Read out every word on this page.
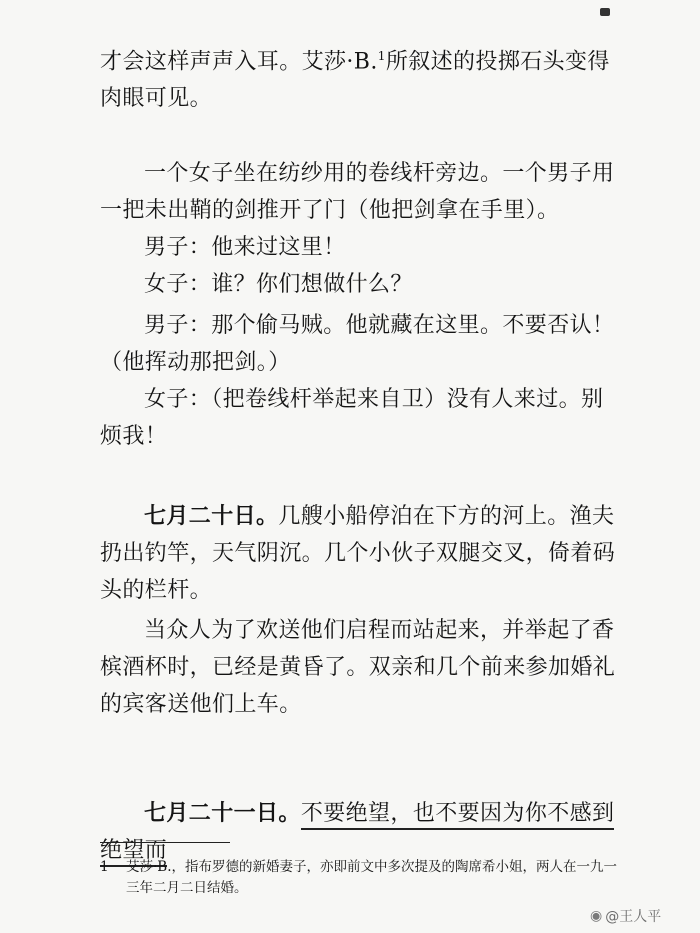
才会这样声声入耳。艾莎·B.$^1$所叙述的投掷石头变得肉眼可见。

一个女子坐在纺纱用的卷线杆旁边。一个男子用一把未出鞘的剑推开了门（他把剑拿在手里）。

男子：他来过这里！

女子：谁？你们想做什么？

男子：那个偷马贼。他就藏在这里。不要否认！（他挥动那把剑。）

女子：（把卷线杆举起来自卫）没有人来过。别烦我！

七月二十日。几艘小船停泊在下方的河上。渔夫扔出钓竿，天气阴沉。几个小伙子双腿交叉，倚着码头的栏杆。

当众人为了欢送他们启程而站起来，并举起了香槟酒杯时，已经是黄昏了。双亲和几个前来参加婚礼的宾客送他们上车。

七月二十一日。不要绝望，也不要因为你不感到绝望而

1	艾莎·B.，指布罗德的新婚妻子，亦即前文中多次提及的陶席希小姐，两人在一九一三年二月二日结婚。
◉ @王人平
